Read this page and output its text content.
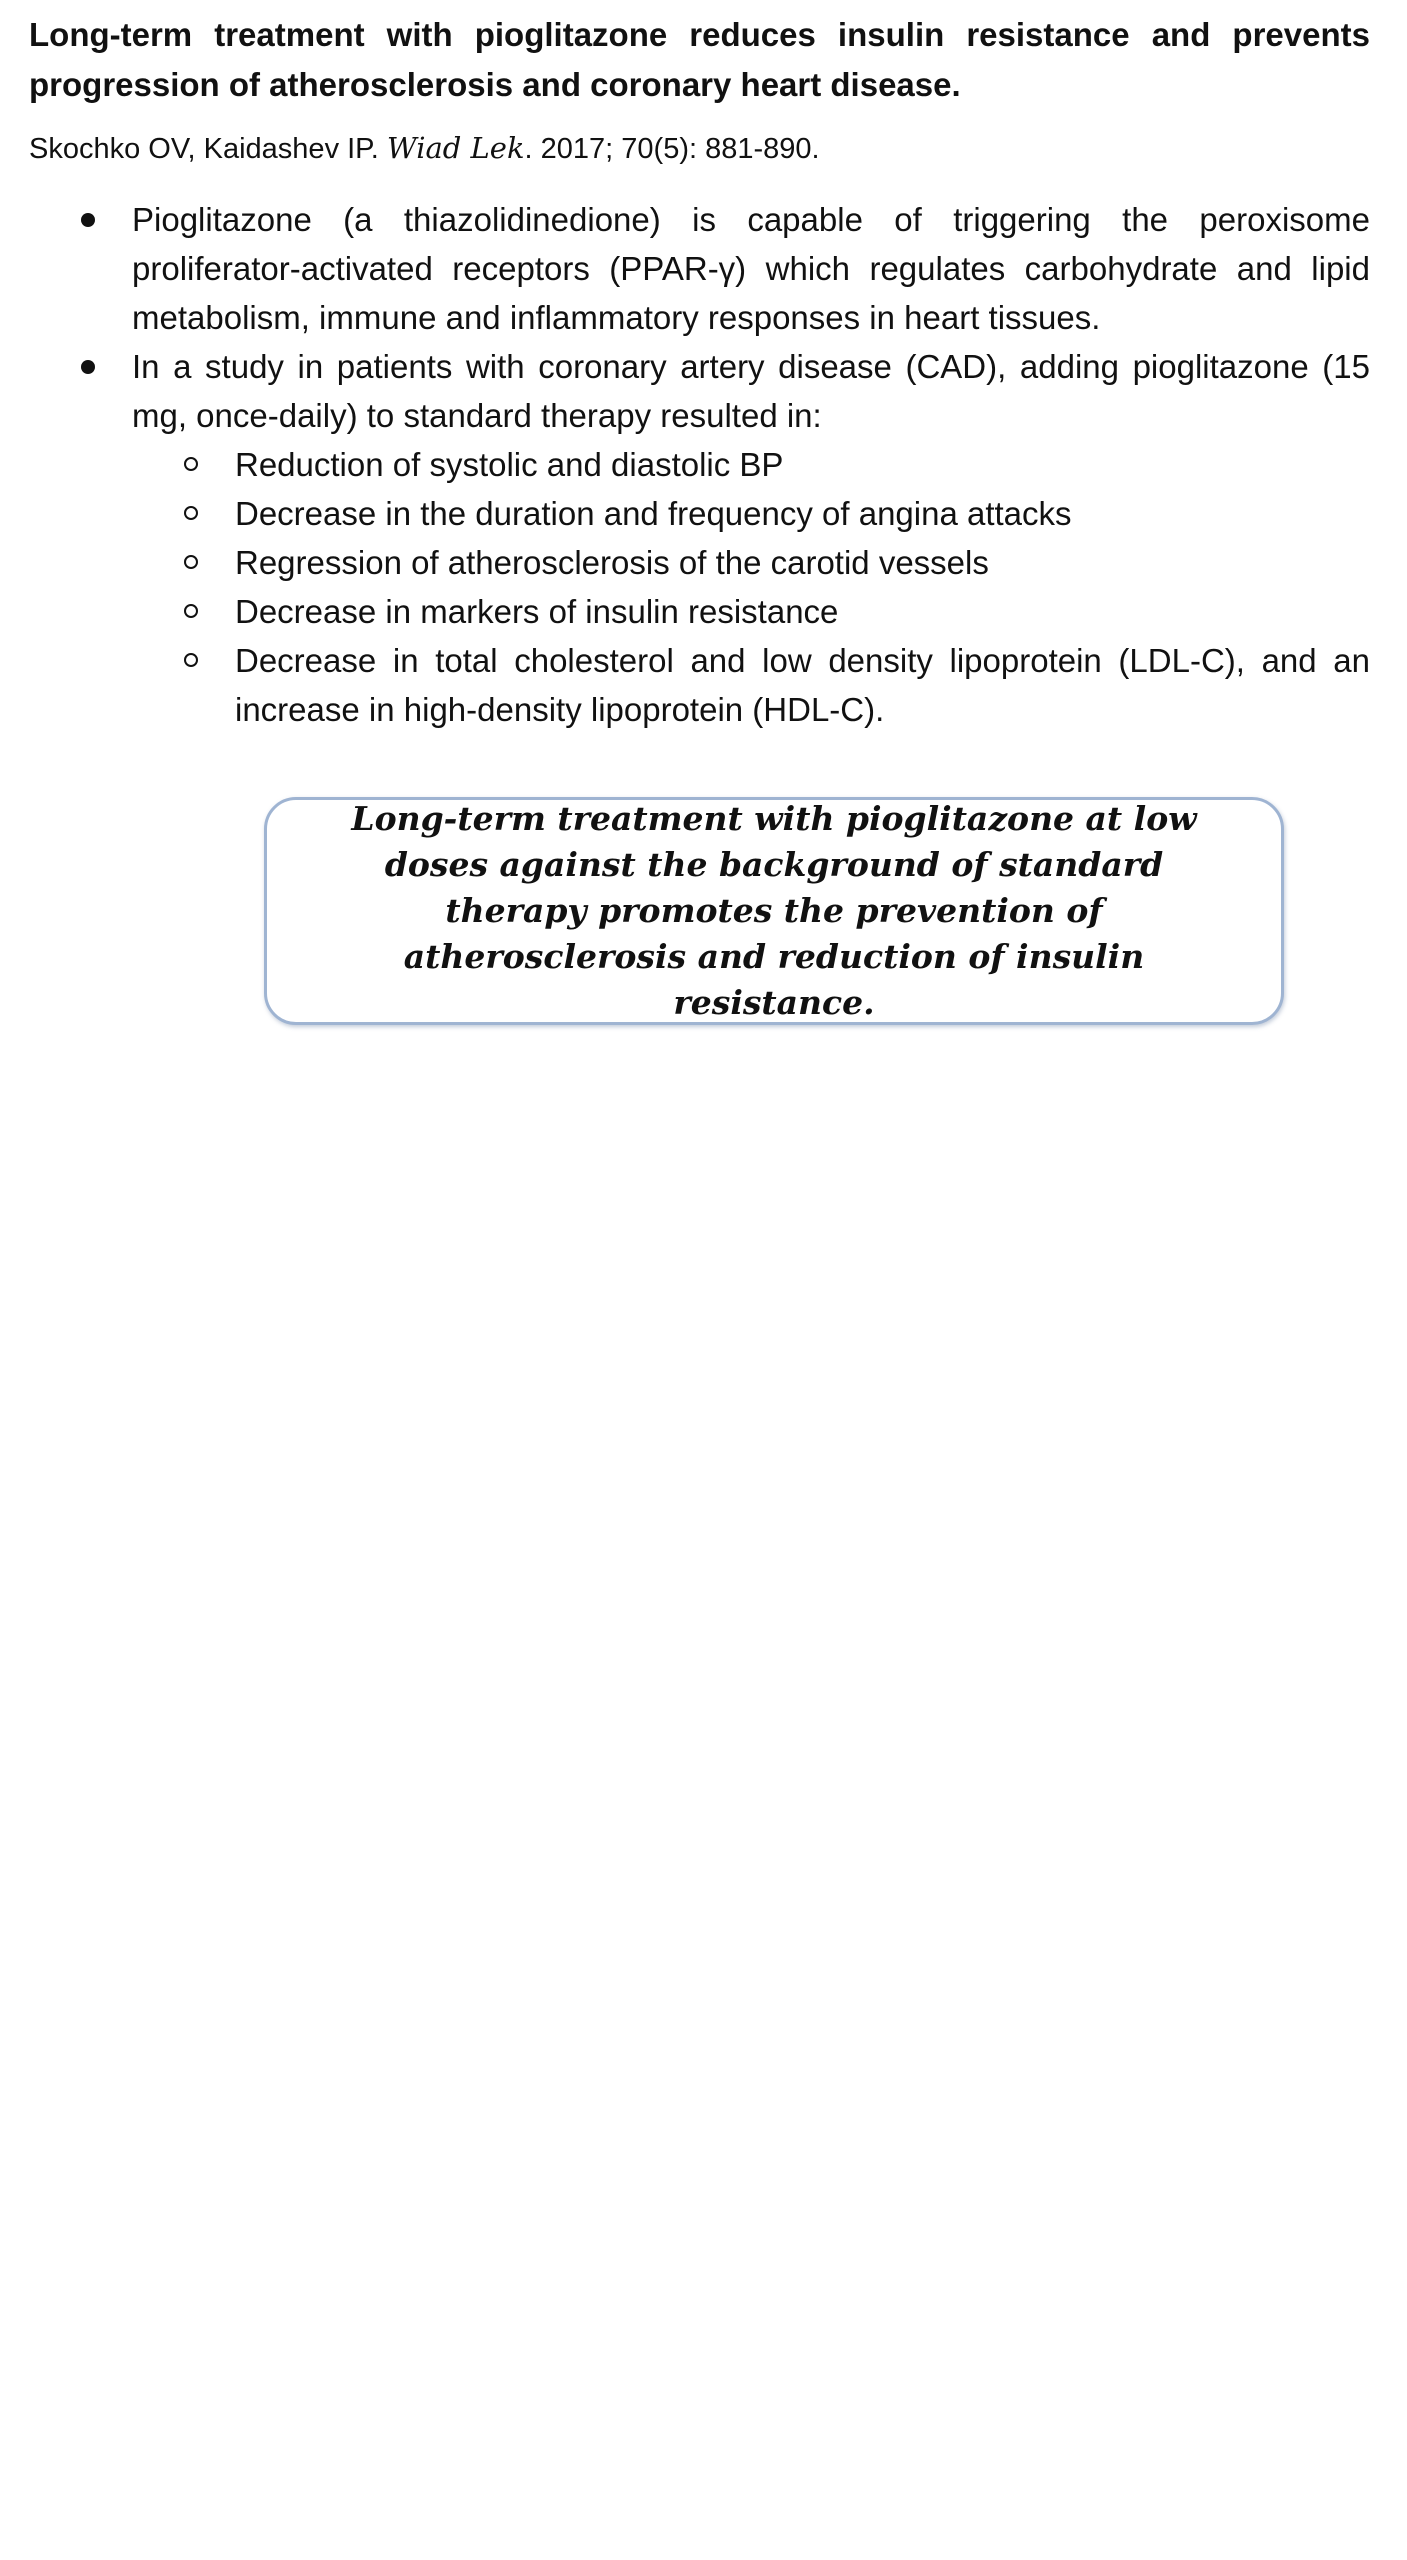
Long-term treatment with pioglitazone reduces insulin resistance and prevents progression of atherosclerosis and coronary heart disease.
Skochko OV, Kaidashev IP. Wiad Lek. 2017; 70(5): 881-890.
Pioglitazone (a thiazolidinedione) is capable of triggering the peroxisome proliferator-activated receptors (PPAR-γ) which regulates carbohydrate and lipid metabolism, immune and inflammatory responses in heart tissues.
In a study in patients with coronary artery disease (CAD), adding pioglitazone (15 mg, once-daily) to standard therapy resulted in:
Reduction of systolic and diastolic BP
Decrease in the duration and frequency of angina attacks
Regression of atherosclerosis of the carotid vessels
Decrease in markers of insulin resistance
Decrease in total cholesterol and low density lipoprotein (LDL-C), and an increase in high-density lipoprotein (HDL-C).
Long-term treatment with pioglitazone at low doses against the background of standard therapy promotes the prevention of atherosclerosis and reduction of insulin resistance.
